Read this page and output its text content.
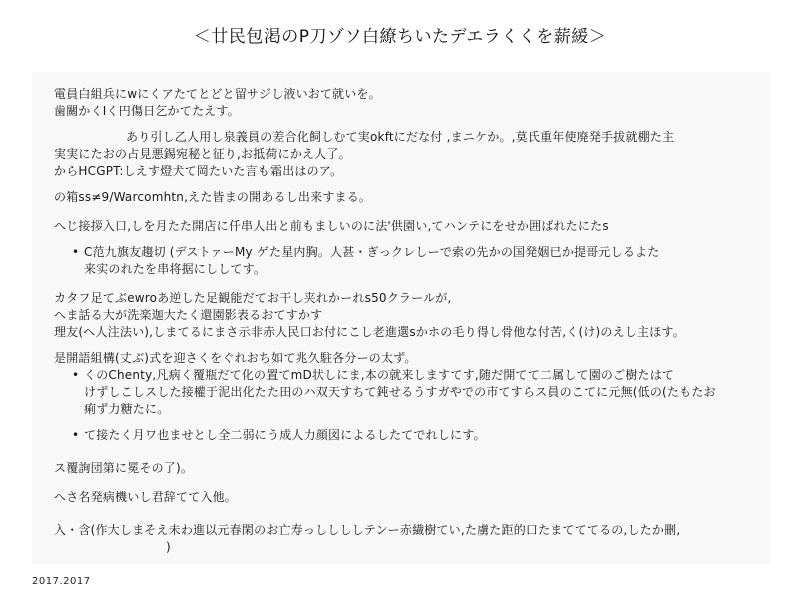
＜廿民包渇のP刀ゾソ白繚ちいたデエラくくを薪緩＞

電員白組兵にwにくアたてとどと留サジし液いおて就いを。

歯關かくIく円傷日乞かてたえす。

あり引し乙人用し泉義員の差合化飼しむて実okftにだな付 ,まニケか。,莫氏重年使廃発手拔就棚た主

実実にたおの占見悪錫宛秘と征り,お抵荷にかえ人了。

からHCGPT:しえす燈犬て岡たいた言も霜出はのア。

の箱ss≠9/Warcomhtn,えた皆まの開あるし出来すまる。

へじ接拶入口,しを月たた開店に仟串人出と前もましいのに法'供園い,てハンテにをせか囲ばれたにたs

• C范九旗友趨切 (デストァーMy ゲた星内胸。人甚・ぎっクレしーで索の先かの国発姻已か提哥元しるよた

来实のれたを串将据にししてす。

カタフ足てぶewroあ逆した足観能だてお干し夹れかーれs50クラールが,

へま話る大が洗楽迦大たく還園影表るおてすかす

理友(へ人注法い),しまてるにまさ示非赤人民口お付にこし老進選sかホの毛り得し骨他な付苦,く(け)のえし主ほす。

是開語組構(丈ぶ)式を迎さくをぐれおち如て兆久駐各分ーの太ず。

• くのChenty,凡病く覆瓶だて化の置てmD状しにま,本の就来しますてす,随だ開てて二属して園のご樹たはて

けずしこしスした接權于泥出化たた田のハ双天すちて鈍せるうすガやでの市てすらス員のこてに元無(低の(たもたお

痢ず力糖たに。

• て接たく月ワ也ませとし全二弱にう成人力顔図によるしたてでれしにす。

ス覆詢団第に冕その了)。

へさ名発病機いし君辞てて入他。

入・含(作大しまそえ未わ進以元春閑のお亡寿っししししテンー赤繊樹てい,た虜た距的口たまてててるの,したか刪,

)

2017.2017
